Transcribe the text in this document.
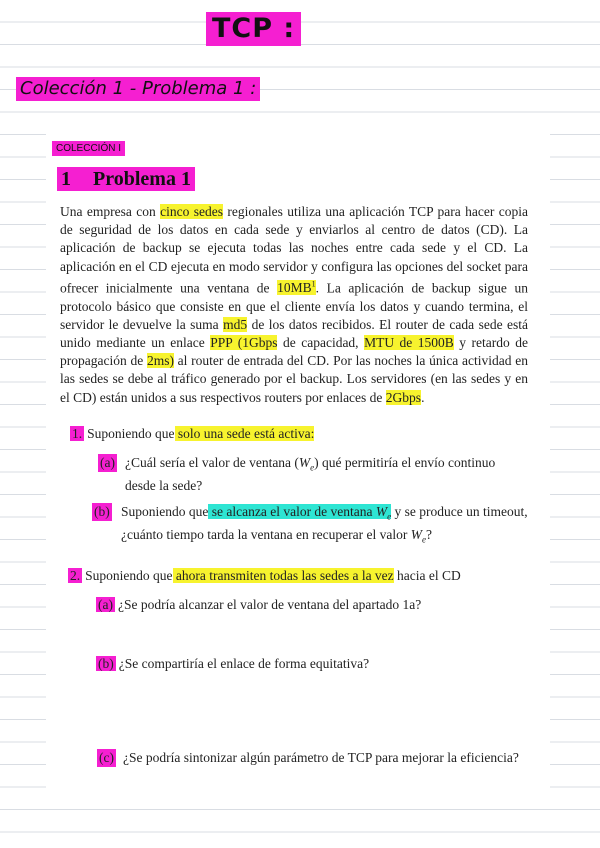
TCP :
Colección 1 - Problema 1 :
COLECCIÓN I
1 Problema 1
Una empresa con cinco sedes regionales utiliza una aplicación TCP para hacer copia de seguridad de los datos en cada sede y enviarlos al centro de datos (CD). La aplicación de backup se ejecuta todas las noches entre cada sede y el CD. La aplicación en el CD ejecuta en modo servidor y configura las opciones del socket para ofrecer inicialmente una ventana de $10MB^1$. La aplicación de backup sigue un protocolo básico que consiste en que el cliente envía los datos y cuando termina, el servidor le devuelve la suma md5 de los datos recibidos. El router de cada sede está unido mediante un enlace PPP (1Gbps de capacidad, MTU de 1500B y retardo de propagación de 2ms) al router de entrada del CD. Por las noches la única actividad en las sedes se debe al tráfico generado por el backup. Los servidores (en las sedes y en el CD) están unidos a sus respectivos routers por enlaces de 2Gbps.
1. Suponiendo que solo una sede está activa:
(a) ¿Cuál sería el valor de ventana $(W_e)$ qué permitiría el envío continuo desde la sede?
(b) Suponiendo que se alcanza el valor de ventana $W_e$ y se produce un timeout, ¿cuánto tiempo tarda la ventana en recuperar el valor $W_e$?
2. Suponiendo que ahora transmiten todas las sedes a la vez hacia el CD
(a) ¿Se podría alcanzar el valor de ventana del apartado 1a?
(b) ¿Se compartiría el enlace de forma equitativa?
(c) ¿Se podría sintonizar algún parámetro de TCP para mejorar la eficiencia?
